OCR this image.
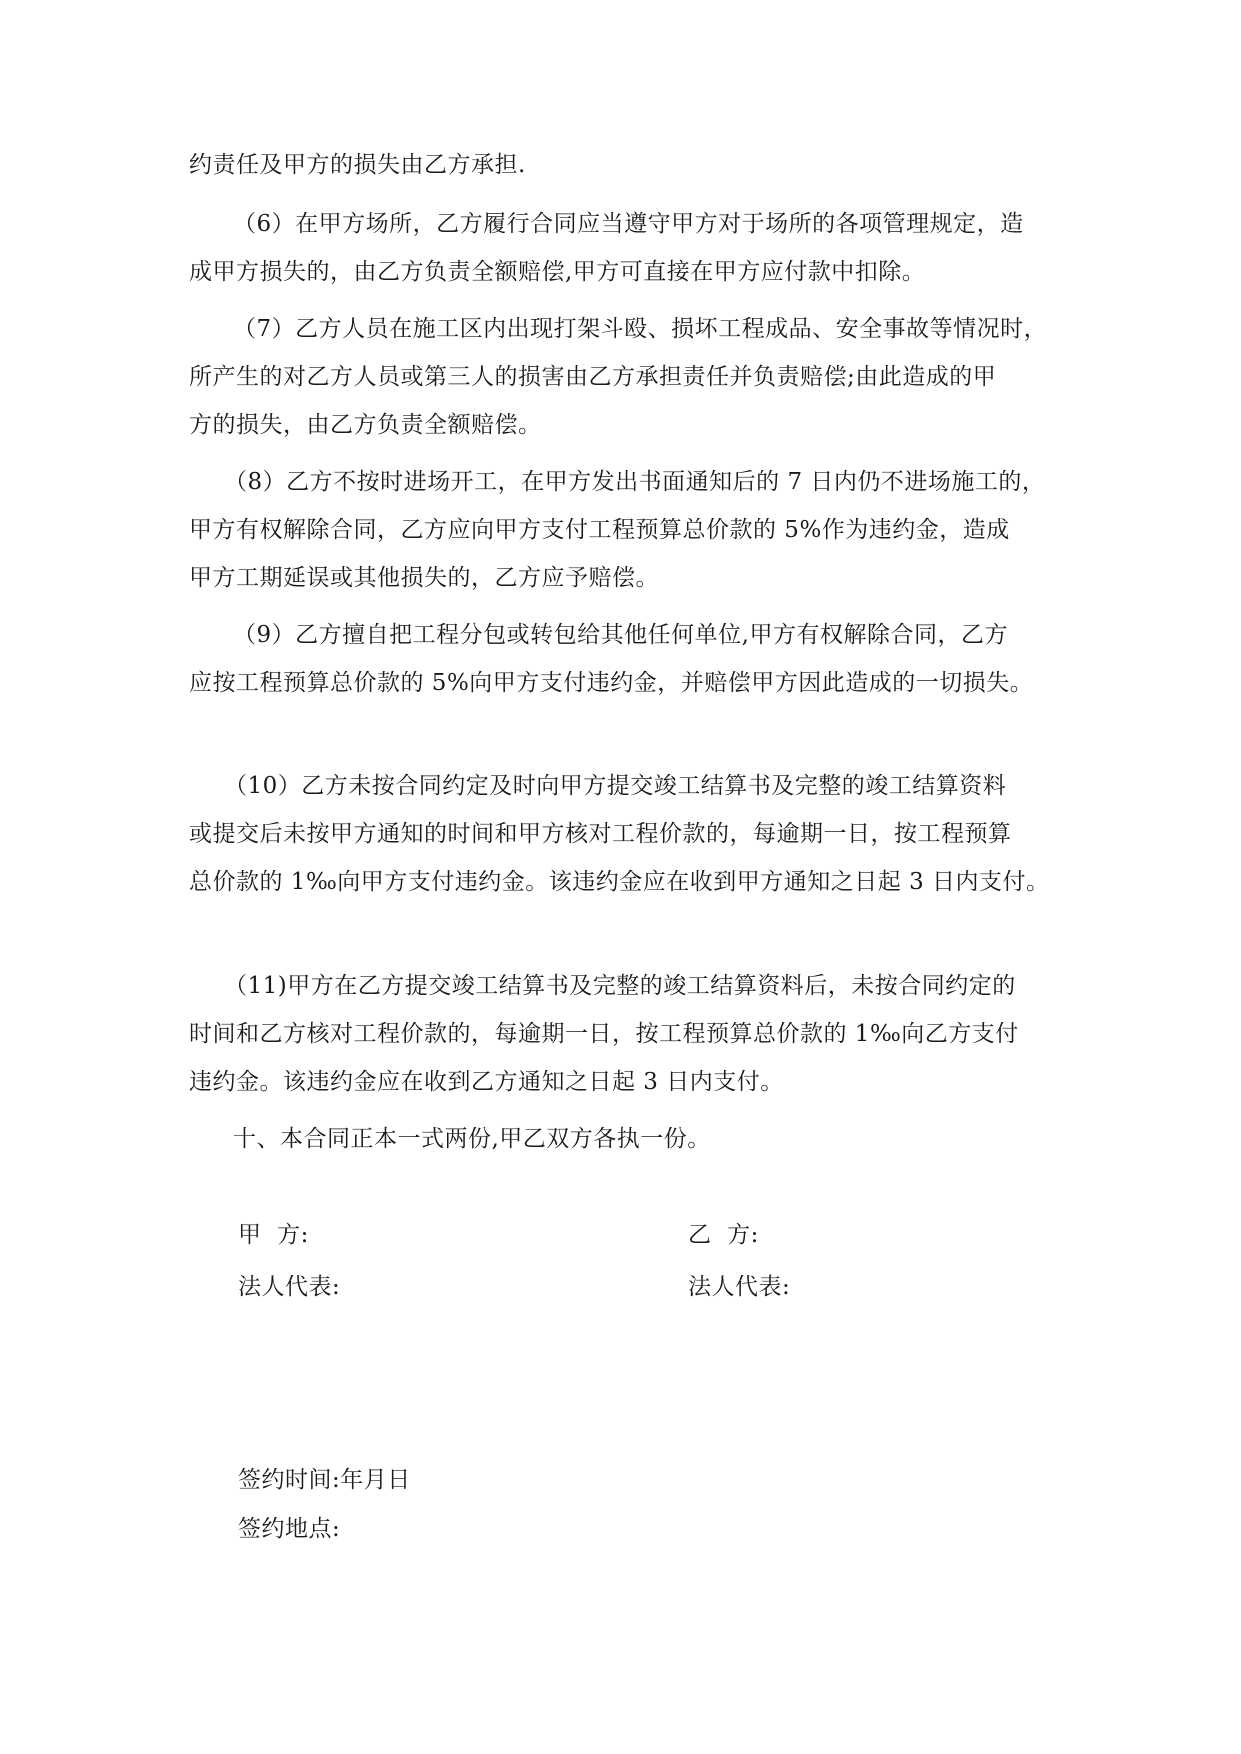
约责任及甲方的损失由乙方承担.
（6）在甲方场所，乙方履行合同应当遵守甲方对于场所的各项管理规定，造
成甲方损失的，由乙方负责全额赔偿,甲方可直接在甲方应付款中扣除。
（7）乙方人员在施工区内出现打架斗殴、损坏工程成品、安全事故等情况时，
所产生的对乙方人员或第三人的损害由乙方承担责任并负责赔偿;由此造成的甲
方的损失，由乙方负责全额赔偿。
（8）乙方不按时进场开工，在甲方发出书面通知后的 7 日内仍不进场施工的，
甲方有权解除合同，乙方应向甲方支付工程预算总价款的 5%作为违约金，造成
甲方工期延误或其他损失的，乙方应予赔偿。
（9）乙方擅自把工程分包或转包给其他任何单位,甲方有权解除合同，乙方
应按工程预算总价款的 5%向甲方支付违约金，并赔偿甲方因此造成的一切损失。
（10）乙方未按合同约定及时向甲方提交竣工结算书及完整的竣工结算资料
或提交后未按甲方通知的时间和甲方核对工程价款的，每逾期一日，按工程预算
总价款的 1‰向甲方支付违约金。该违约金应在收到甲方通知之日起 3 日内支付。
（11)甲方在乙方提交竣工结算书及完整的竣工结算资料后，未按合同约定的
时间和乙方核对工程价款的，每逾期一日，按工程预算总价款的 1‰向乙方支付
违约金。该违约金应在收到乙方通知之日起 3 日内支付。
十、本合同正本一式两份,甲乙双方各执一份。
甲  方:	乙  方:
法人代表:	法人代表:
签约时间:年月日
签约地点:
